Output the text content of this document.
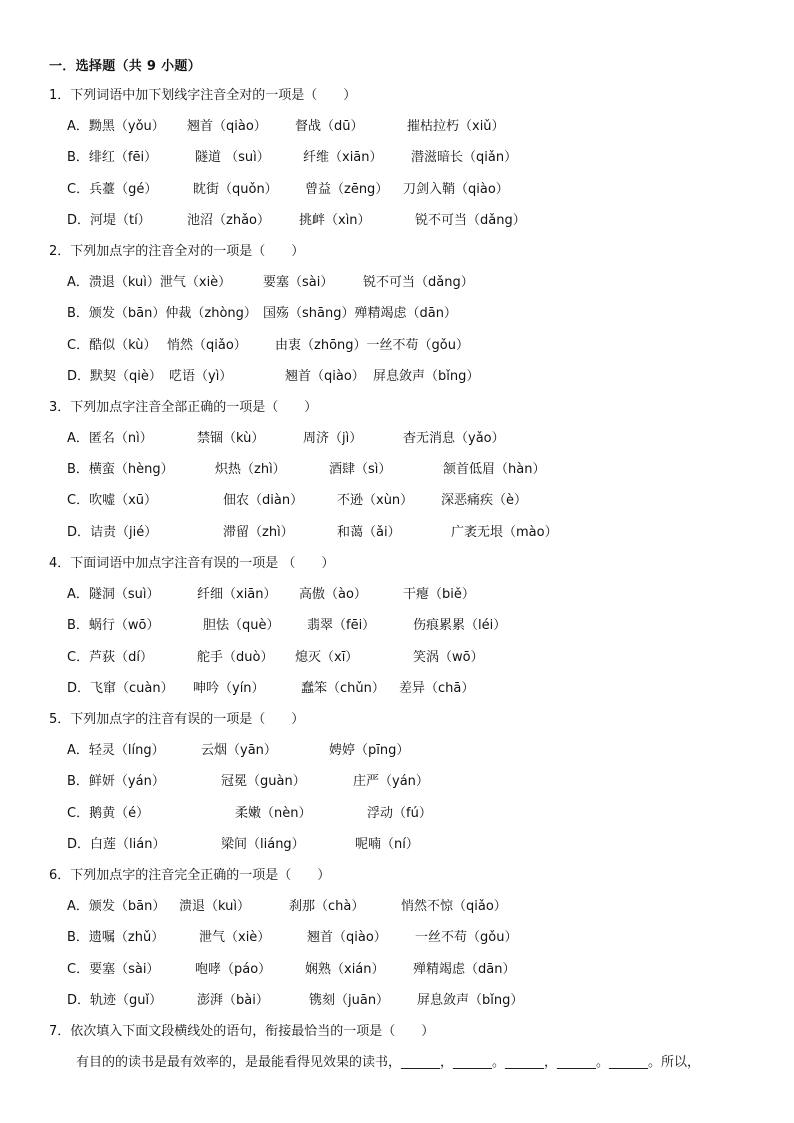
一．选择题（共 9 小题）
1．下列词语中加下划线字注音全对的一项是（　　）
A．黝黑（yǒu） 翘首（qiào） 督战（dū）	摧枯拉朽（xiǔ）
B．绯红（fēi）	隧道 （suì）	纤维（xiān） 潜滋暗长（qiǎn）
C．兵薹（gé）	眈街（quǒn） 曾益（zēng） 刀剑入鞘（qiào）
D．河堤（tí）	池沼（zhǎo） 挑衅（xìn）	锐不可当（dǎng）
2．下列加点字的注音全对的一项是（　　）
A．溃退（kuì）泄气（xiè） 要塞（sài） 锐不可当（dǎng）
B．颁发（bān）仲裁（zhòng） 国殇（shāng）殚精竭虑（dān）
C．酷似（kù） 悄然（qiǎo） 由衷（zhōng）一丝不苟（gǒu）
D．默契（qiè） 呓语（yì）	翘首（qiào） 屏息敛声（bǐng）
3．下列加点字注音全部正确的一项是（　　）
A．匿名（nì）	禁锢（kù）	周济（jì）	杳无消息（yǎo）
B．横蛮（hèng）	炽热（zhì）	酒肆（sì）	颔首低眉（hàn）
C．吹嘘（xū）	佃农（diàn）	不逊（xùn） 深恶痛疾（è）
D．诘责（jié）	滞留（zhì）	和蔼（ǎi）	广袤无垠（mào）
4．下面词语中加点字注音有误的一项是 （　　）
A．隧洞（suì）	纤细（xiān） 高傲（ào）	干瘪（biě）
B．蜗行（wō）	胆怯（què） 翡翠（fēi）	伤痕累累（léi）
C．芦荻（dí）	舵手（duò） 熄灭（xī）	笑涡（wō）
D．飞窜（cuàn） 呻吟（yín）	蠢笨（chǔn） 差异（chā）
5．下列加点字的注音有误的一项是（　　）
A．轻灵（líng）	云烟（yān）	娉婷（pīng）
B．鲜妍（yán）	冠冕（guàn）	庄严（yán）
C．鹅黄（é）	柔嫩（nèn）	浮动（fú）
D．白莲（lián）	梁间（liáng）	呢喃（ní）
6．下列加点字的注音完全正确的一项是（　　）
A．颁发（bān） 溃退（kuì）	刹那（chà）	悄然不惊（qiǎo）
B．遗嘱（zhǔ）	泄气（xiè）	翘首（qiào） 一丝不苟（gǒu）
C．要塞（sài）	咆哮（páo）	娴熟（xián） 殚精竭虑（dān）
D．轨迹（guǐ）	澎湃（bài）	镌刻（juān） 屏息敛声（bǐng）
7．依次填入下面文段横线处的语句，衔接最恰当的一项是（　　）
有目的的读书是最有效率的，是最能看得见效果的读书，______，______。______，______。______。所以，
